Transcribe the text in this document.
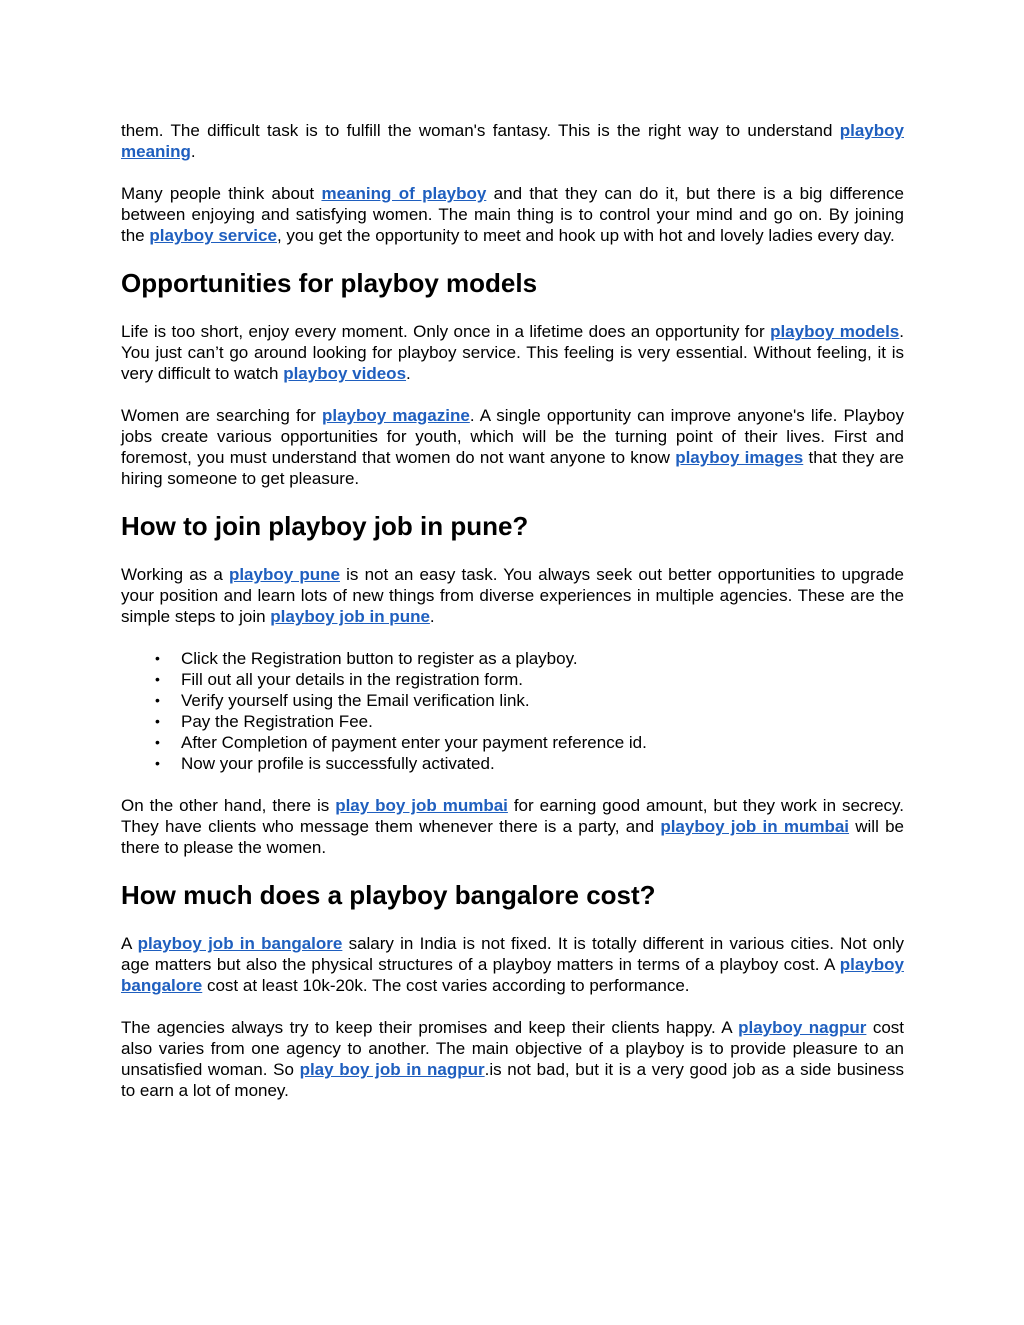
them. The difficult task is to fulfill the woman's fantasy. This is the right way to understand playboy meaning.

Many people think about meaning of playboy and that they can do it, but there is a big difference between enjoying and satisfying women. The main thing is to control your mind and go on. By joining the playboy service, you get the opportunity to meet and hook up with hot and lovely ladies every day.

Opportunities for playboy models

Life is too short, enjoy every moment. Only once in a lifetime does an opportunity for playboy models. You just can’t go around looking for playboy service. This feeling is very essential. Without feeling, it is very difficult to watch playboy videos.

Women are searching for playboy magazine. A single opportunity can improve anyone's life. Playboy jobs create various opportunities for youth, which will be the turning point of their lives. First and foremost, you must understand that women do not want anyone to know playboy images that they are hiring someone to get pleasure.

How to join playboy job in pune?

Working as a playboy pune is not an easy task. You always seek out better opportunities to upgrade your position and learn lots of new things from diverse experiences in multiple agencies. These are the simple steps to join playboy job in pune.

• Click the Registration button to register as a playboy.
• Fill out all your details in the registration form.
• Verify yourself using the Email verification link.
• Pay the Registration Fee.
• After Completion of payment enter your payment reference id.
• Now your profile is successfully activated.

On the other hand, there is play boy job mumbai for earning good amount, but they work in secrecy. They have clients who message them whenever there is a party, and playboy job in mumbai will be there to please the women.

How much does a playboy bangalore cost?

A playboy job in bangalore salary in India is not fixed. It is totally different in various cities. Not only age matters but also the physical structures of a playboy matters in terms of a playboy cost. A playboy bangalore cost at least 10k-20k. The cost varies according to performance.

The agencies always try to keep their promises and keep their clients happy. A playboy nagpur cost also varies from one agency to another. The main objective of a playboy is to provide pleasure to an unsatisfied woman. So play boy job in nagpur.is not bad, but it is a very good job as a side business to earn a lot of money.
